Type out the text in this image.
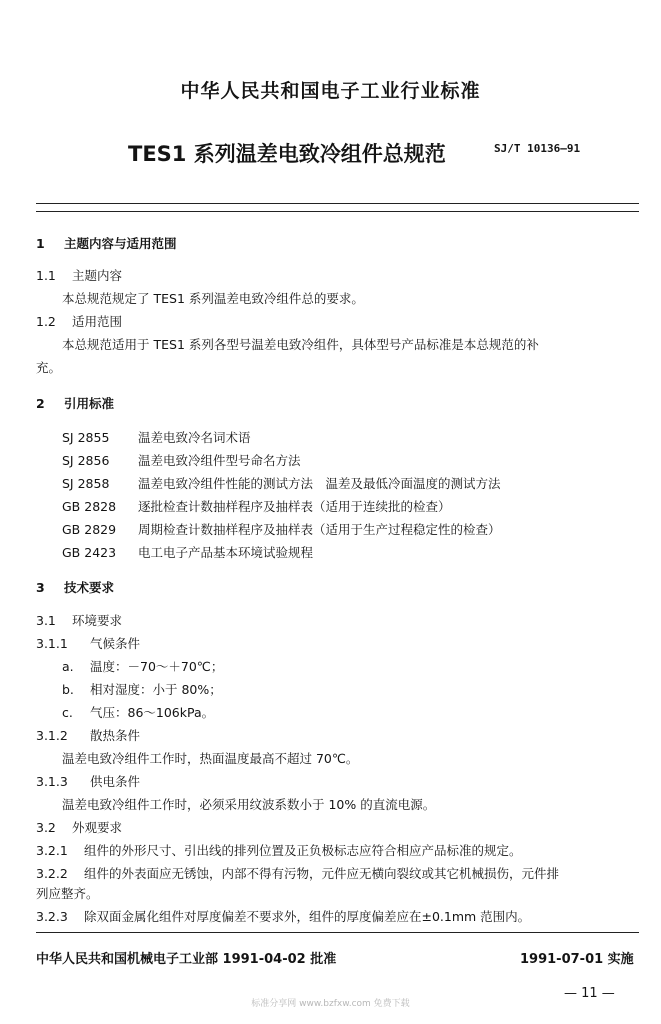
中华人民共和国电子工业行业标准
TES1 系列温差电致冷组件总规范	SJ/T 10136—91
1 主题内容与适用范围
1.1 主题内容
本总规范规定了 TES1 系列温差电致冷组件总的要求。
1.2 适用范围
本总规范适用于 TES1 系列各型号温差电致冷组件，具体型号产品标准是本总规范的补
充。
2 引用标准
SJ 2855 温差电致冷名词术语
SJ 2856 温差电致冷组件型号命名方法
SJ 2858 温差电致冷组件性能的测试方法　温差及最低冷面温度的测试方法
GB 2828 逐批检查计数抽样程序及抽样表（适用于连续批的检查）
GB 2829 周期检查计数抽样程序及抽样表（适用于生产过程稳定性的检查）
GB 2423 电工电子产品基本环境试验规程
3 技术要求
3.1 环境要求
3.1.1 气候条件
a. 温度：－70～＋70℃；
b. 相对湿度：小于 80%；
c. 气压：86～106kPa。
3.1.2 散热条件
温差电致冷组件工作时，热面温度最高不超过 70℃。
3.1.3 供电条件
温差电致冷组件工作时，必须采用纹波系数小于 10% 的直流电源。
3.2 外观要求
3.2.1 组件的外形尺寸、引出线的排列位置及正负极标志应符合相应产品标准的规定。
3.2.2 组件的外表面应无锈蚀，内部不得有污物，元件应无横向裂纹或其它机械损伤，元件排
列应整齐。
3.2.3 除双面金属化组件对厚度偏差不要求外，组件的厚度偏差应在±0.1mm 范围内。
中华人民共和国机械电子工业部 1991-04-02 批准	1991-07-01 实施
— 11 —
标准分享网 www.bzfxw.com 免费下载
